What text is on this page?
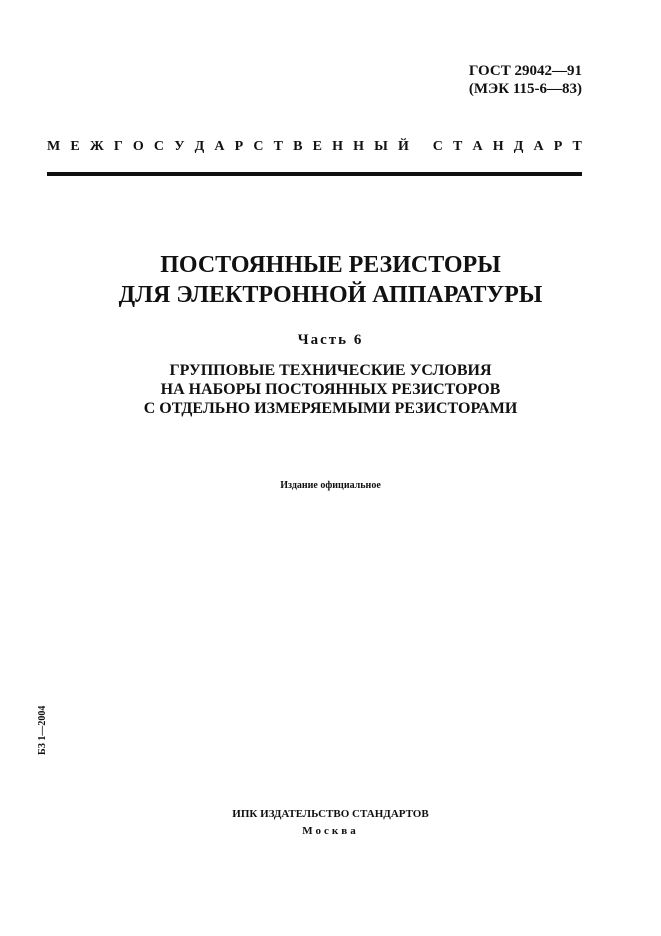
ГОСТ 29042—91
(МЭК 115-6—83)
М Е Ж Г О С У Д А Р С Т В Е Н Н Ы Й
С Т А Н Д А Р Т
ПОСТОЯННЫЕ РЕЗИСТОРЫ
ДЛЯ ЭЛЕКТРОННОЙ АППАРАТУРЫ
Часть 6
ГРУППОВЫЕ ТЕХНИЧЕСКИЕ УСЛОВИЯ
НА НАБОРЫ ПОСТОЯННЫХ РЕЗИСТОРОВ
С ОТДЕЛЬНО ИЗМЕРЯЕМЫМИ РЕЗИСТОРАМИ
Издание официальное
БЗ 1—2004
ИПК ИЗДАТЕЛЬСТВО СТАНДАРТОВ
Москва
